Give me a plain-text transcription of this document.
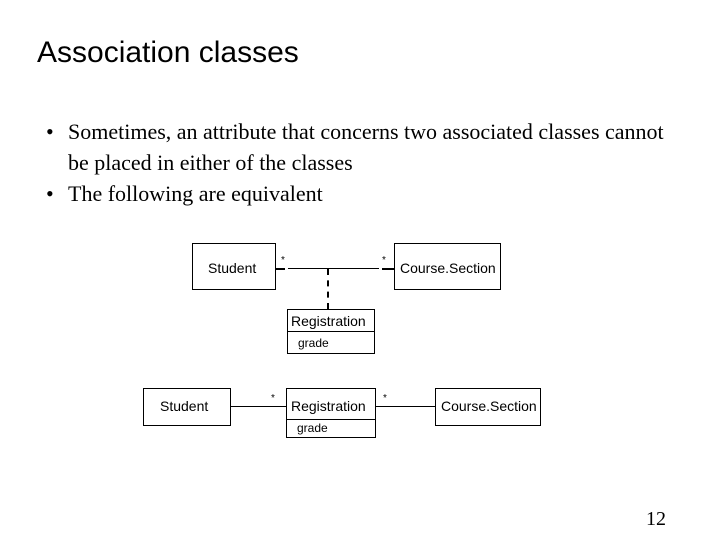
Association classes
• Sometimes, an attribute that concerns two associated classes cannot be placed in either of the classes
• The following are equivalent
Student *	* Course.Section
Registration
grade
Student	* Registration
grade
*	Course.Section
12
